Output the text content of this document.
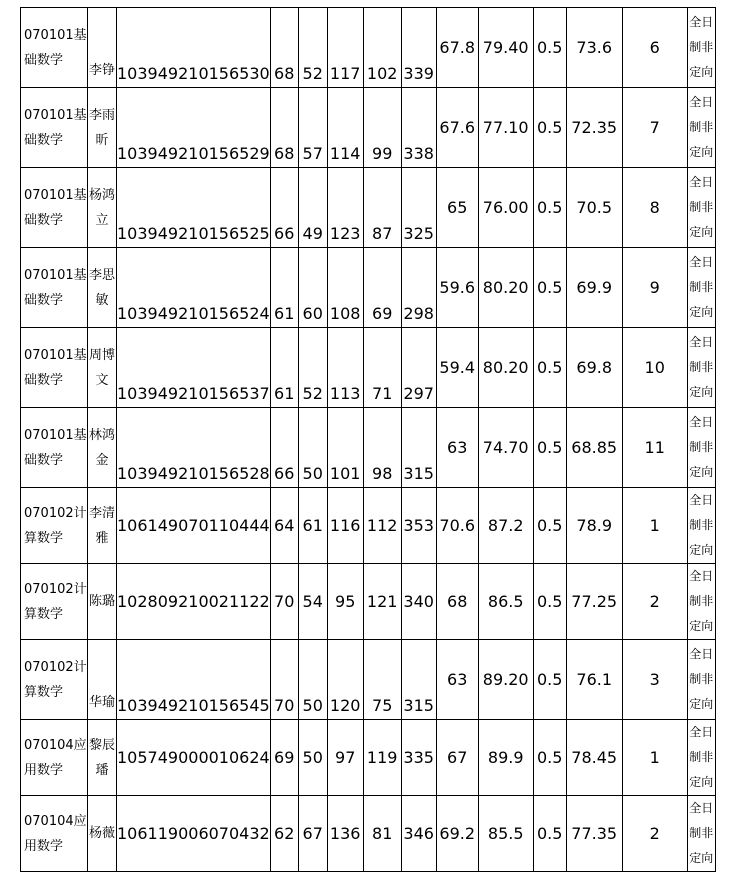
070101基础数学	李铮	103949210156530	68	52	117	102	339	67.8	79.40	0.5	73.6	6	全日制非定向
070101基础数学	李雨昕	103949210156529	68	57	114	99	338	67.6	77.10	0.5	72.35	7	全日制非定向
070101基础数学	杨鸿立	103949210156525	66	49	123	87	325	65	76.00	0.5	70.5	8	全日制非定向
070101基础数学	李思敏	103949210156524	61	60	108	69	298	59.6	80.20	0.5	69.9	9	全日制非定向
070101基础数学	周博文	103949210156537	61	52	113	71	297	59.4	80.20	0.5	69.8	10	全日制非定向
070101基础数学	林鸿金	103949210156528	66	50	101	98	315	63	74.70	0.5	68.85	11	全日制非定向
070102计算数学	李清雅	106149070110444	64	61	116	112	353	70.6	87.2	0.5	78.9	1	全日制非定向
070102计算数学	陈璐	102809210021122	70	54	95	121	340	68	86.5	0.5	77.25	2	全日制非定向
070102计算数学	华瑜	103949210156545	70	50	120	75	315	63	89.20	0.5	76.1	3	全日制非定向
070104应用数学	黎辰璠	105749000010624	69	50	97	119	335	67	89.9	0.5	78.45	1	全日制非定向
070104应用数学	杨薇	106119006070432	62	67	136	81	346	69.2	85.5	0.5	77.35	2	全日制非定向
